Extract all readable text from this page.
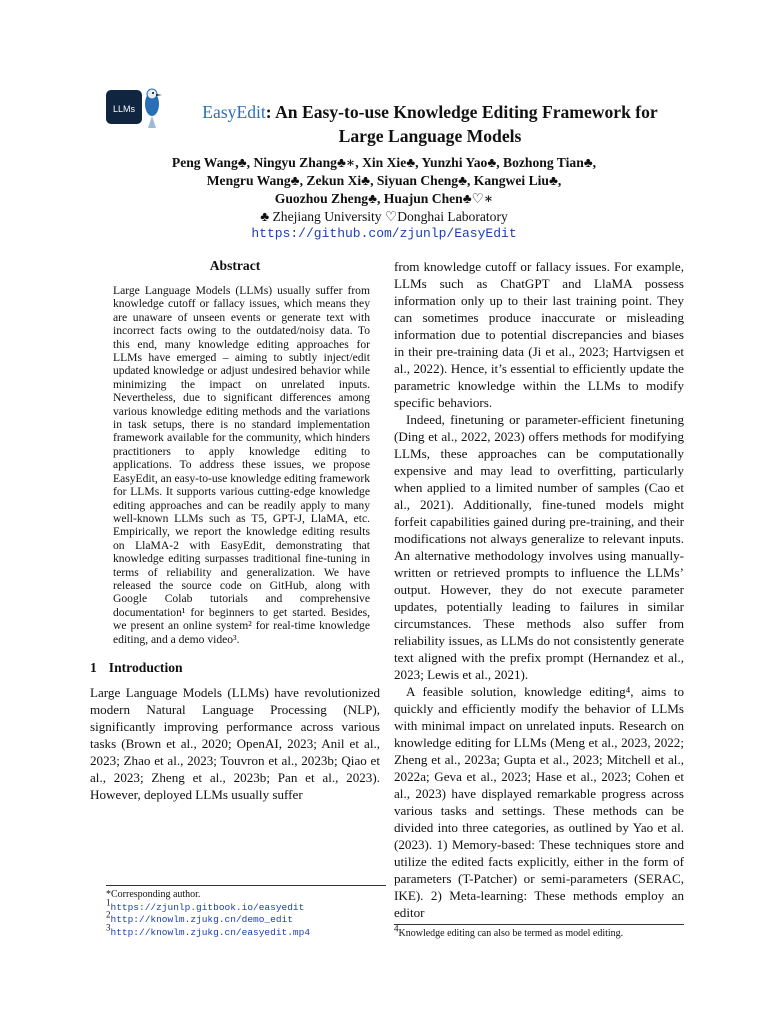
LLMs	EasyEdit: An Easy-to-use Knowledge Editing Framework for
Large Language Models
Peng Wang♣, Ningyu Zhang♣∗, Xin Xie♣, Yunzhi Yao♣, Bozhong Tian♣,
Mengru Wang♣, Zekun Xi♣, Siyuan Cheng♣, Kangwei Liu♣,
Guozhou Zheng♣, Huajun Chen♣♡∗
♣ Zhejiang University ♡Donghai Laboratory
https://github.com/zjunlp/EasyEdit
Abstract

Large Language Models (LLMs) usually suffer from knowledge cutoff or fallacy issues, which means they are unaware of unseen events or generate text with incorrect facts owing to the outdated/noisy data. To this end, many knowledge editing approaches for LLMs have emerged – aiming to subtly inject/edit updated knowledge or adjust undesired behavior while minimizing the impact on unrelated inputs. Nevertheless, due to significant differences among various knowledge editing methods and the variations in task setups, there is no standard implementation framework available for the community, which hinders practitioners to apply knowledge editing to applications. To address these issues, we propose EasyEdit, an easy-to-use knowledge editing framework for LLMs. It supports various cutting-edge knowledge editing approaches and can be readily apply to many well-known LLMs such as T5, GPT-J, LlaMA, etc. Empirically, we report the knowledge editing results on LlaMA-2 with EasyEdit, demonstrating that knowledge editing surpasses traditional fine-tuning in terms of reliability and generalization. We have released the source code on GitHub, along with Google Colab tutorials and comprehensive documentation¹ for beginners to get started. Besides, we present an online system² for real-time knowledge editing, and a demo video³.

1 Introduction

Large Language Models (LLMs) have revolutionized modern Natural Language Processing (NLP), significantly improving performance across various tasks (Brown et al., 2020; OpenAI, 2023; Anil et al., 2023; Zhao et al., 2023; Touvron et al., 2023b; Qiao et al., 2023; Zheng et al., 2023b; Pan et al., 2023). However, deployed LLMs usually suffer

from knowledge cutoff or fallacy issues. For example, LLMs such as ChatGPT and LlaMA possess information only up to their last training point. They can sometimes produce inaccurate or misleading information due to potential discrepancies and biases in their pre-training data (Ji et al., 2023; Hartvigsen et al., 2022). Hence, it’s essential to efficiently update the parametric knowledge within the LLMs to modify specific behaviors.

Indeed, finetuning or parameter-efficient finetuning (Ding et al., 2022, 2023) offers methods for modifying LLMs, these approaches can be computationally expensive and may lead to overfitting, particularly when applied to a limited number of samples (Cao et al., 2021). Additionally, fine-tuned models might forfeit capabilities gained during pre-training, and their modifications not always generalize to relevant inputs. An alternative methodology involves using manually-written or retrieved prompts to influence the LLMs’ output. However, they do not execute parameter updates, potentially leading to failures in similar circumstances. These methods also suffer from reliability issues, as LLMs do not consistently generate text aligned with the prefix prompt (Hernandez et al., 2023; Lewis et al., 2021).

A feasible solution, knowledge editing⁴, aims to quickly and efficiently modify the behavior of LLMs with minimal impact on unrelated inputs. Research on knowledge editing for LLMs (Meng et al., 2023, 2022; Zheng et al., 2023a; Gupta et al., 2023; Mitchell et al., 2022a; Geva et al., 2023; Hase et al., 2023; Cohen et al., 2023) have displayed remarkable progress across various tasks and settings. These methods can be divided into three categories, as outlined by Yao et al. (2023). 1) Memory-based: These techniques store and utilize the edited facts explicitly, either in the form of parameters (T-Patcher) or semi-parameters (SERAC, IKE). 2) Meta-learning: These methods employ an editor

*Corresponding author.
$^1$https://zjunlp.gitbook.io/easyedit
$^2$http://knowlm.zjukg.cn/demo_edit
$^3$http://knowlm.zjukg.cn/easyedit.mp4	$^4$Knowledge editing can also be termed as model editing.
